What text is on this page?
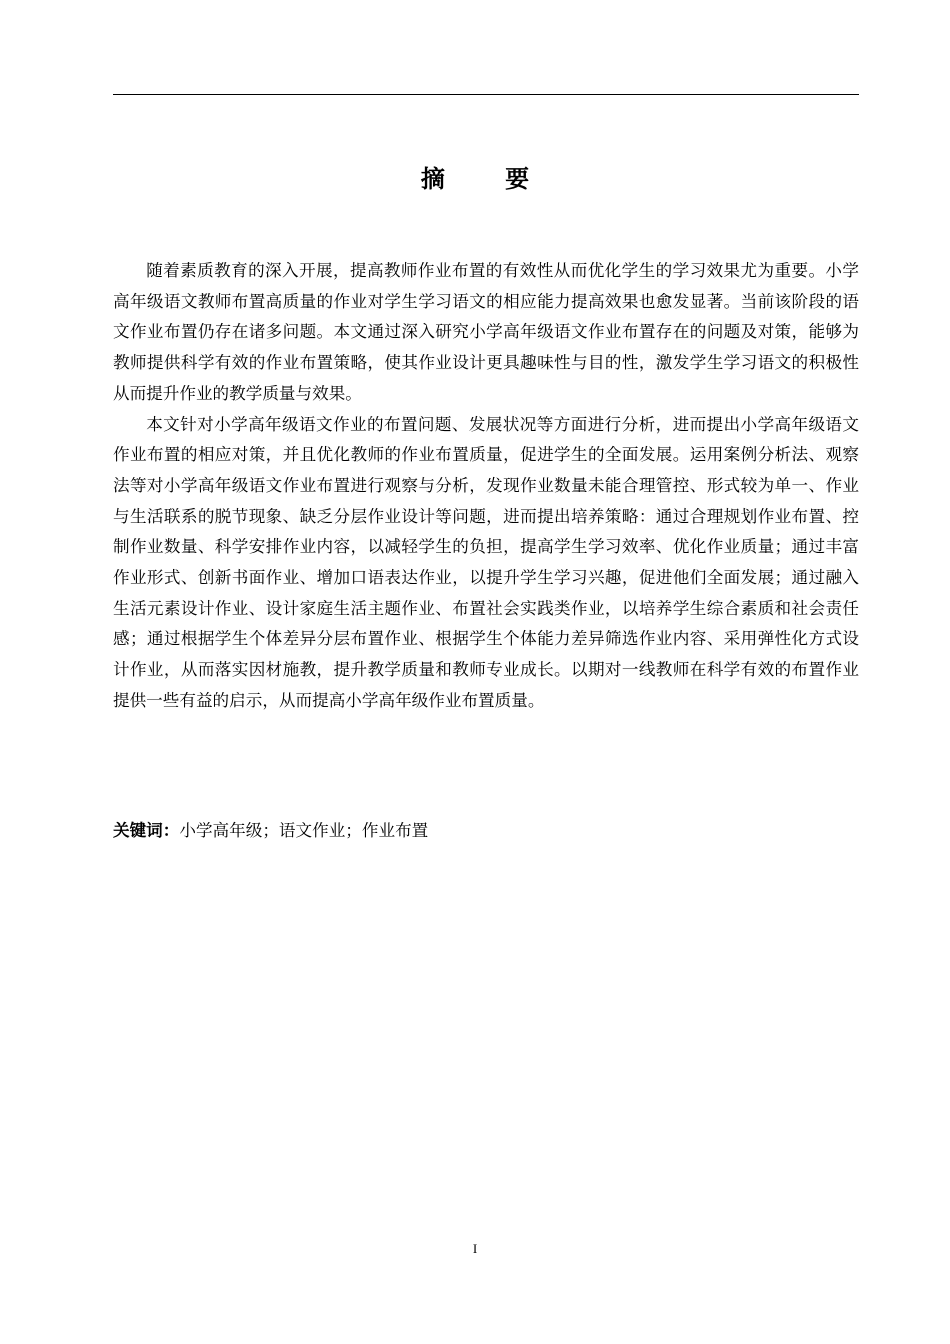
摘 要

随着素质教育的深入开展，提高教师作业布置的有效性从而优化学生的学习效果尤为重要。小学高年级语文教师布置高质量的作业对学生学习语文的相应能力提高效果也愈发显著。当前该阶段的语文作业布置仍存在诸多问题。本文通过深入研究小学高年级语文作业布置存在的问题及对策，能够为教师提供科学有效的作业布置策略，使其作业设计更具趣味性与目的性，激发学生学习语文的积极性从而提升作业的教学质量与效果。

本文针对小学高年级语文作业的布置问题、发展状况等方面进行分析，进而提出小学高年级语文作业布置的相应对策，并且优化教师的作业布置质量，促进学生的全面发展。运用案例分析法、观察法等对小学高年级语文作业布置进行观察与分析，发现作业数量未能合理管控、形式较为单一、作业与生活联系的脱节现象、缺乏分层作业设计等问题，进而提出培养策略：通过合理规划作业布置、控制作业数量、科学安排作业内容，以减轻学生的负担，提高学生学习效率、优化作业质量；通过丰富作业形式、创新书面作业、增加口语表达作业，以提升学生学习兴趣，促进他们全面发展；通过融入生活元素设计作业、设计家庭生活主题作业、布置社会实践类作业，以培养学生综合素质和社会责任感；通过根据学生个体差异分层布置作业、根据学生个体能力差异筛选作业内容、采用弹性化方式设计作业，从而落实因材施教，提升教学质量和教师专业成长。以期对一线教师在科学有效的布置作业提供一些有益的启示，从而提高小学高年级作业布置质量。

关键词：小学高年级；语文作业；作业布置

I
